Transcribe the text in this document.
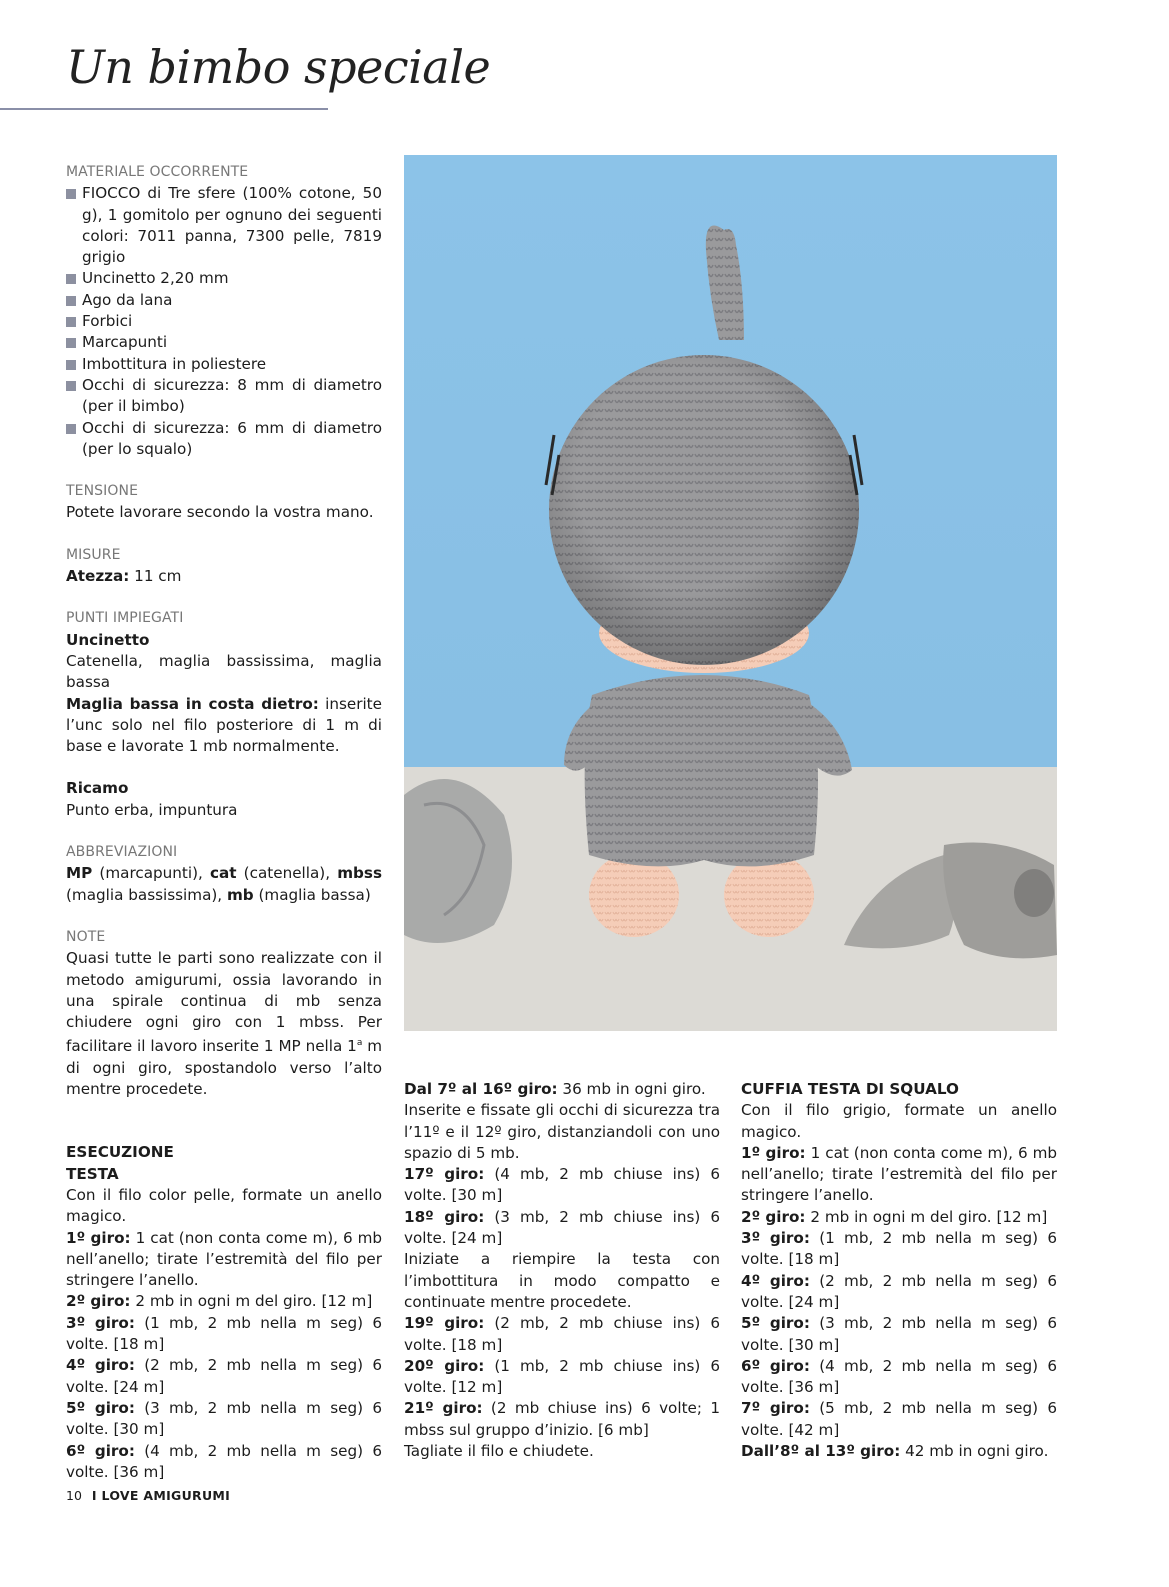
Un bimbo speciale

MATERIALE OCCORRENTE

FIOCCO di Tre sfere (100% cotone, 50 g), 1 gomitolo per ognuno dei seguenti colori: 7011 panna, 7300 pelle, 7819 grigio
Uncinetto 2,20 mm
Ago da lana
Forbici
Marcapunti
Imbottitura in poliestere
Occhi di sicurezza: 8 mm di diametro (per il bimbo)
Occhi di sicurezza: 6 mm di diametro (per lo squalo)

TENSIONE

Potete lavorare secondo la vostra mano.

MISURE

Atezza: 11 cm

PUNTI IMPIEGATI

Uncinetto

Catenella, maglia bassissima, maglia bassa

Maglia bassa in costa dietro: inserite l’unc solo nel filo posteriore di 1 m di base e lavorate 1 mb normalmente.

Ricamo

Punto erba, impuntura

ABBREVIAZIONI

MP (marcapunti), cat (catenella), mbss (maglia bassissima), mb (maglia bassa)

NOTE

Quasi tutte le parti sono realizzate con il metodo amigurumi, ossia lavorando in una spirale continua di mb senza chiudere ogni giro con 1 mbss. Per facilitare il lavoro inserite 1 MP nella 1$^a$ m di ogni giro, spostandolo verso l’alto mentre procedete.

ESECUZIONE

TESTA

Con il filo color pelle, formate un anello magico.

1º giro: 1 cat (non conta come m), 6 mb nell’anello; tirate l’estremità del filo per stringere l’anello.

2º giro: 2 mb in ogni m del giro. [12 m]

3º giro: (1 mb, 2 mb nella m seg) 6 volte. [18 m]

4º giro: (2 mb, 2 mb nella m seg) 6 volte. [24 m]

5º giro: (3 mb, 2 mb nella m seg) 6 volte. [30 m]

6º giro: (4 mb, 2 mb nella m seg) 6 volte. [36 m]

Dal 7º al 16º giro: 36 mb in ogni giro.

Inserite e fissate gli occhi di sicurezza tra l’11º e il 12º giro, distanziandoli con uno spazio di 5 mb.

17º giro: (4 mb, 2 mb chiuse ins) 6 volte. [30 m]

18º giro: (3 mb, 2 mb chiuse ins) 6 volte. [24 m]

Iniziate a riempire la testa con l’imbottitura in modo compatto e continuate mentre procedete.

19º giro: (2 mb, 2 mb chiuse ins) 6 volte. [18 m]

20º giro: (1 mb, 2 mb chiuse ins) 6 volte. [12 m]

21º giro: (2 mb chiuse ins) 6 volte; 1 mbss sul gruppo d’inizio. [6 mb]

Tagliate il filo e chiudete.

CUFFIA TESTA DI SQUALO

Con il filo grigio, formate un anello magico.

1º giro: 1 cat (non conta come m), 6 mb nell’anello; tirate l’estremità del filo per stringere l’anello.

2º giro: 2 mb in ogni m del giro. [12 m]

3º giro: (1 mb, 2 mb nella m seg) 6 volte. [18 m]

4º giro: (2 mb, 2 mb nella m seg) 6 volte. [24 m]

5º giro: (3 mb, 2 mb nella m seg) 6 volte. [30 m]

6º giro: (4 mb, 2 mb nella m seg) 6 volte. [36 m]

7º giro: (5 mb, 2 mb nella m seg) 6 volte. [42 m]

Dall’8º al 13º giro: 42 mb in ogni giro.

10 I LOVE AMIGURUMI
